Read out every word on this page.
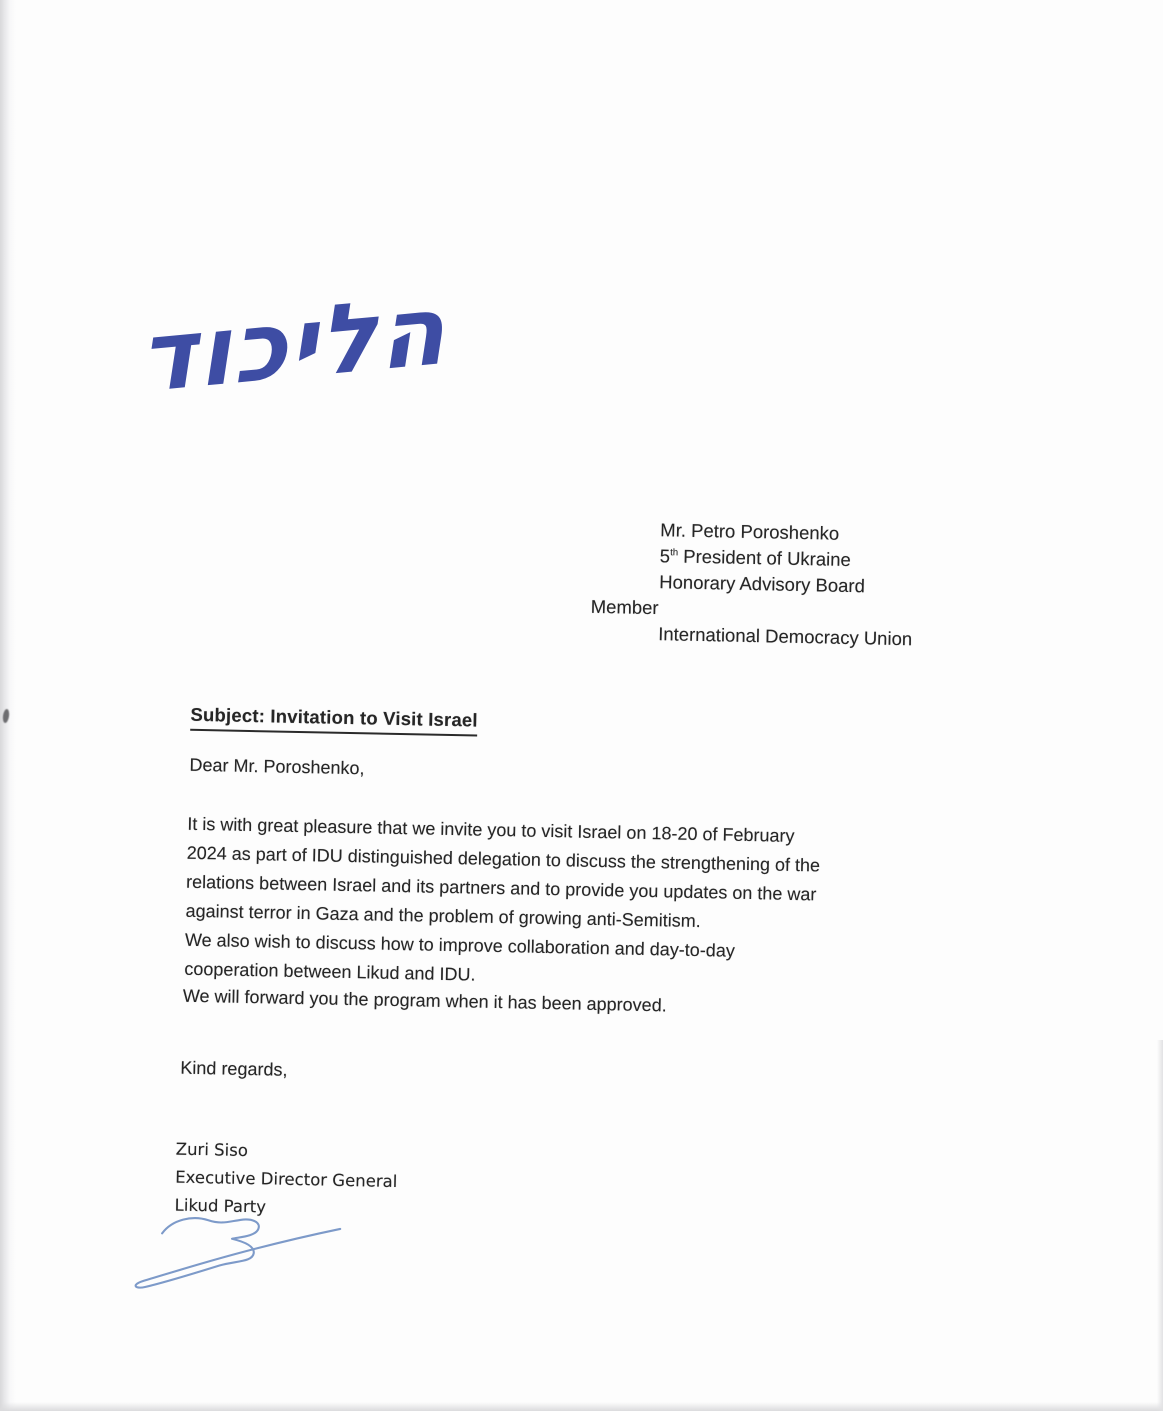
הליכוד
Mr. Petro Poroshenko
5th President of Ukraine
Honorary Advisory Board
Member
International Democracy Union
Subject: Invitation to Visit Israel
Dear Mr. Poroshenko,
It is with great pleasure that we invite you to visit Israel on 18-20 of February
2024 as part of IDU distinguished delegation to discuss the strengthening of the
relations between Israel and its partners and to provide you updates on the war
against terror in Gaza and the problem of growing anti-Semitism.
We also wish to discuss how to improve collaboration and day-to-day
cooperation between Likud and IDU.
We will forward you the program when it has been approved.
Kind regards,
Zuri Siso
Executive Director General
Likud Party
